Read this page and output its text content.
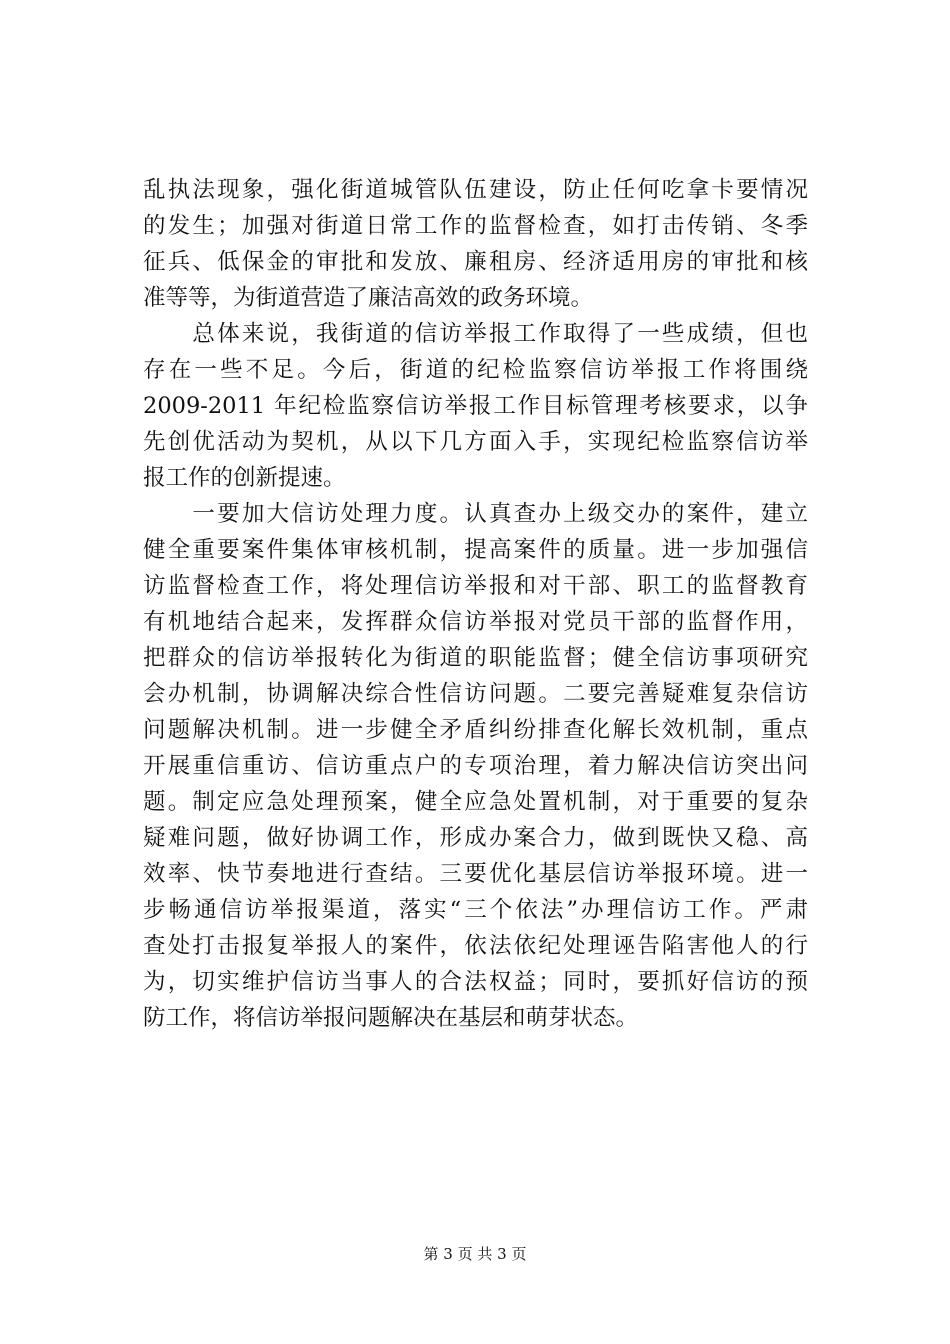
乱执法现象，强化街道城管队伍建设，防止任何吃拿卡要情况
的发生；加强对街道日常工作的监督检查，如打击传销、冬季
征兵、低保金的审批和发放、廉租房、经济适用房的审批和核
准等等，为街道营造了廉洁高效的政务环境。
　　总体来说，我街道的信访举报工作取得了一些成绩，但也
存在一些不足。今后，街道的纪检监察信访举报工作将围绕
2009-2011 年纪检监察信访举报工作目标管理考核要求，以争
先创优活动为契机，从以下几方面入手，实现纪检监察信访举
报工作的创新提速。
　　一要加大信访处理力度。认真查办上级交办的案件，建立
健全重要案件集体审核机制，提高案件的质量。进一步加强信
访监督检查工作，将处理信访举报和对干部、职工的监督教育
有机地结合起来，发挥群众信访举报对党员干部的监督作用，
把群众的信访举报转化为街道的职能监督；健全信访事项研究
会办机制，协调解决综合性信访问题。二要完善疑难复杂信访
问题解决机制。进一步健全矛盾纠纷排查化解长效机制，重点
开展重信重访、信访重点户的专项治理，着力解决信访突出问
题。制定应急处理预案，健全应急处置机制，对于重要的复杂
疑难问题，做好协调工作，形成办案合力，做到既快又稳、高
效率、快节奏地进行查结。三要优化基层信访举报环境。进一
步畅通信访举报渠道，落实“三个依法”办理信访工作。严肃
查处打击报复举报人的案件，依法依纪处理诬告陷害他人的行
为，切实维护信访当事人的合法权益；同时，要抓好信访的预
防工作，将信访举报问题解决在基层和萌芽状态。
第 3 页 共 3 页
